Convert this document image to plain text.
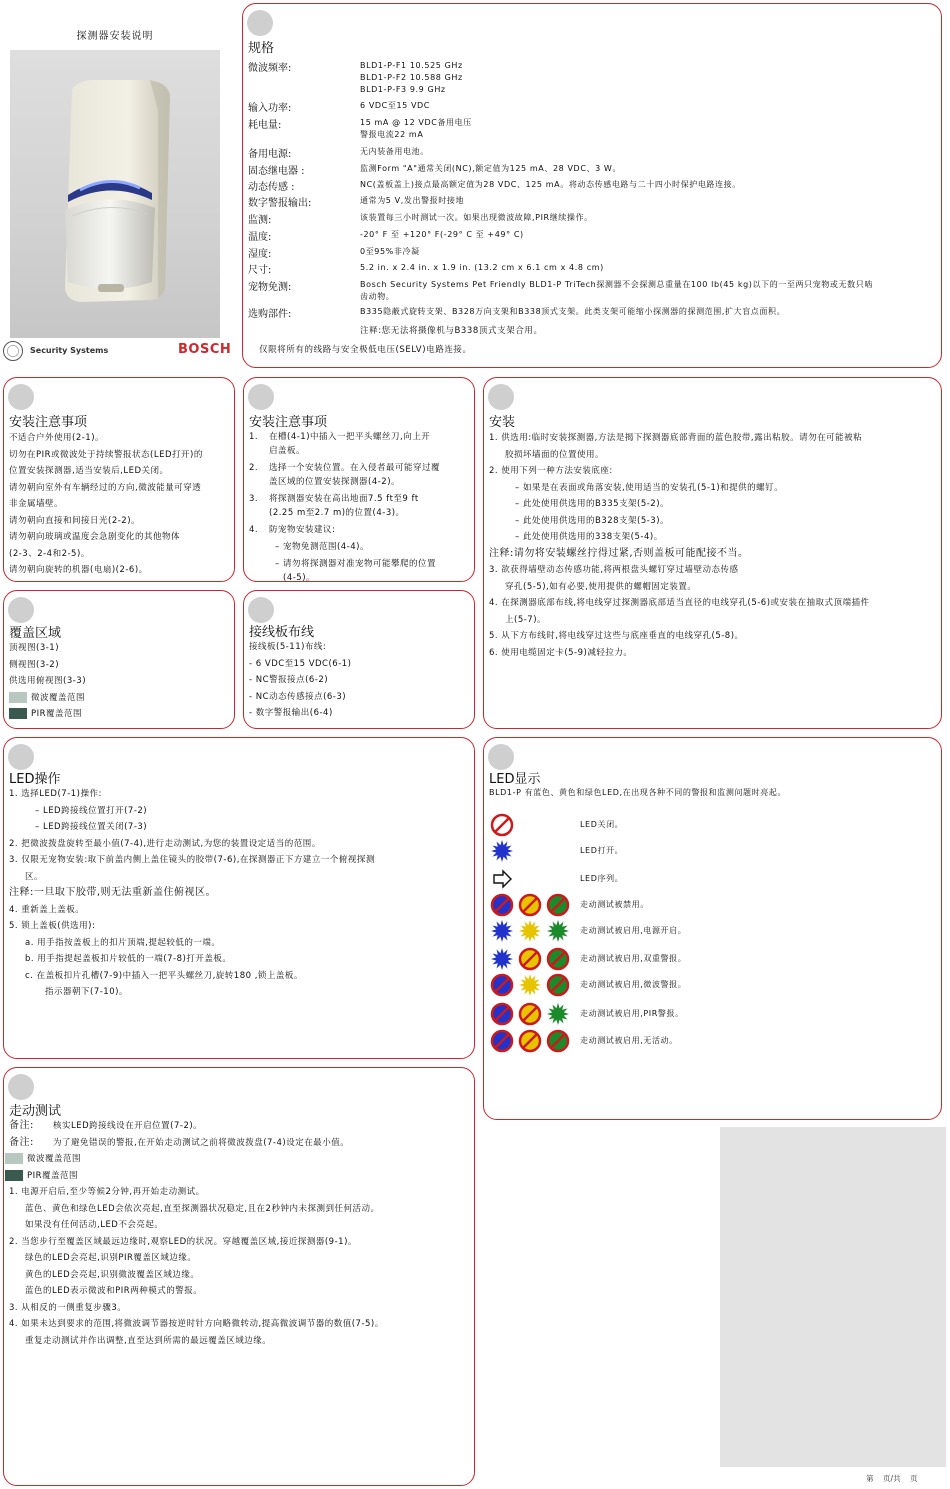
探测器安装说明
Security Systems	BOSCH
规格
微波频率:	BLD1-P-F1 10.525 GHz
BLD1-P-F2 10.588 GHz
BLD1-P-F3 9.9 GHz
输入功率:	6 VDC至15 VDC
耗电量:	15 mA @ 12 VDC备用电压
警报电流22 mA
备用电源:	无内装备用电池。
固态继电器 :	监测Form "A"通常关闭(NC),额定值为125 mA、28 VDC、3 W。
动态传感 :	NC(盖板盖上)接点最高额定值为28 VDC、125 mA。将动态传感电路与二十四小时保护电路连接。
数字警报输出:	通常为5 V,发出警报时接地
监测:	该装置每三小时测试一次。如果出现微波故障,PIR继续操作。
温度:	-20° F 至 +120° F(-29° C 至 +49° C)
湿度:	0至95%非冷凝
尺寸:	5.2 in. x 2.4 in. x 1.9 in. (13.2 cm x 6.1 cm x 4.8 cm)
宠物免测:	Bosch Security Systems Pet Friendly BLD1-P TriTech探测器不会探测总重量在100 lb(45 kg)以下的一至两只宠物或无数只啮
齿动物。
选购部件:	B335隐蔽式旋转支架、B328万向支架和B338顶式支架。此类支架可能缩小探测器的探测范围,扩大盲点面积。
注释:您无法将摄像机与B338顶式支架合用。
仅限将所有的线路与安全极低电压(SELV)电路连接。
安装注意事项
不适合户外使用(2-1)。
切勿在PIR或微波处于持续警报状态(LED打开)的
位置安装探测器,适当安装后,LED关闭。
请勿朝向室外有车辆经过的方向,微波能量可穿透
非金属墙壁。
请勿朝向直接和间接日光(2-2)。
请勿朝向玻璃或温度会急剧变化的其他物体
(2-3、2-4和2-5)。
请勿朝向旋转的机器(电扇)(2-6)。
安装注意事项
1. 在槽(4-1)中插入一把平头螺丝刀,向上开
启盖板。
2. 选择一个安装位置。在入侵者最可能穿过覆
盖区域的位置安装探测器(4-2)。
3. 将探测器安装在高出地面7.5 ft至9 ft
(2.25 m至2.7 m)的位置(4-3)。
4. 防宠物安装建议:
– 宠物免测范围(4-4)。
– 请勿将探测器对准宠物可能攀爬的位置
(4-5)。
安装
1. 供选用:临时安装探测器,方法是揭下探测器底部背面的蓝色胶带,露出粘胶。请勿在可能被粘
胶损坏墙面的位置使用。
2. 使用下列一种方法安装底座:
– 如果是在表面或角落安装,使用适当的安装孔(5-1)和提供的螺钉。
– 此处使用供选用的B335支架(5-2)。
– 此处使用供选用的B328支架(5-3)。
– 此处使用供选用的338支架(5-4)。
注释:请勿将安装螺丝拧得过紧,否则盖板可能配接不当。
3. 欲获得墙壁动态传感功能,将两根盘头螺钉穿过墙壁动态传感
穿孔(5-5),如有必要,使用提供的螺帽固定装置。
4. 在探测器底部布线,将电线穿过探测器底部适当直径的电线穿孔(5-6)或安装在抽取式顶端插件
上(5-7)。
5. 从下方布线时,将电线穿过这些与底座垂直的电线穿孔(5-8)。
6. 使用电缆固定卡(5-9)减轻拉力。
覆盖区域
顶视图(3-1)
侧视图(3-2)
供选用俯视图(3-3)
微波覆盖范围
PIR覆盖范围
接线板布线
接线板(5-11)布线:
- 6 VDC至15 VDC(6-1)
- NC警报接点(6-2)
- NC动态传感接点(6-3)
- 数字警报输出(6-4)
LED操作
1. 选择LED(7-1)操作:
– LED跨接线位置打开(7-2)
– LED跨接线位置关闭(7-3)
2. 把微波拨盘旋转至最小值(7-4),进行走动测试,为您的装置设定适当的范围。
3. 仅限无宠物安装:取下前盖内侧上盖住镜头的胶带(7-6),在探测器正下方建立一个俯视探测
区。
注释:一旦取下胶带,则无法重新盖住俯视区。
4. 重新盖上盖板。
5. 锁上盖板(供选用):
a. 用手指按盖板上的扣片顶端,提起较低的一端。
b. 用手指提起盖板扣片较低的一端(7-8)打开盖板。
c. 在盖板扣片孔槽(7-9)中插入一把平头螺丝刀,旋转180 ,锁上盖板。
指示器朝下(7-10)。
LED显示
BLD1-P 有蓝色、黄色和绿色LED,在出现各种不同的警报和监测问题时亮起。
LED关闭。
LED打开。
LED序列。
走动测试被禁用。
走动测试被启用,电源开启。
走动测试被启用,双重警报。
走动测试被启用,微波警报。
走动测试被启用,PIR警报。
走动测试被启用,无活动。
走动测试
备注: 核实LED跨接线设在开启位置(7-2)。
备注: 为了避免错误的警报,在开始走动测试之前将微波拨盘(7-4)设定在最小值。
微波覆盖范围
PIR覆盖范围
1. 电源开启后,至少等候2分钟,再开始走动测试。
蓝色、黄色和绿色LED会依次亮起,直至探测器状况稳定,且在2秒钟内未探测到任何活动。
如果没有任何活动,LED不会亮起。
2. 当您步行至覆盖区域最远边缘时,观察LED的状况。穿越覆盖区域,接近探测器(9-1)。
绿色的LED会亮起,识别PIR覆盖区域边缘。
黄色的LED会亮起,识别微波覆盖区域边缘。
蓝色的LED表示微波和PIR两种模式的警报。
3. 从相反的一侧重复步骤3。
4. 如果未达到要求的范围,将微波调节器按逆时针方向略微转动,提高微波调节器的数值(7-5)。
重复走动测试并作出调整,直至达到所需的最远覆盖区域边缘。
第    页/共    页
